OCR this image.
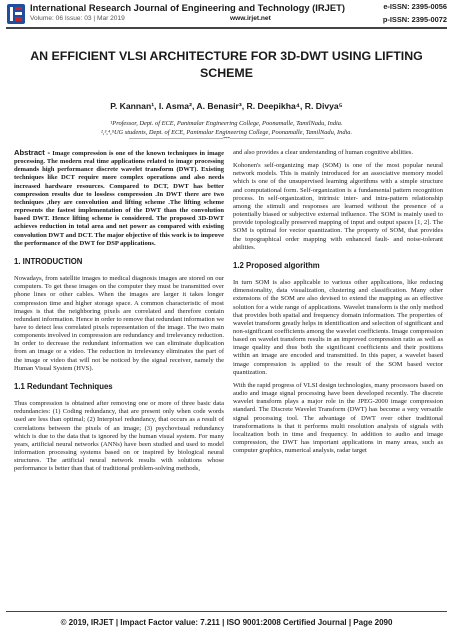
International Research Journal of Engineering and Technology (IRJET)	e-ISSN: 2395-0056
Volume: 06 Issue: 03 | Mar 2019	www.irjet.net	p-ISSN: 2395-0072
AN EFFICIENT VLSI ARCHITECTURE FOR 3D-DWT USING LIFTING SCHEME
P. Kannan¹, I. Asma², A. Benasir³, R. Deepikha⁴, R. Divya⁵
¹Professor, Dept. of ECE, Panimalar Engineering College, Poonamalle, TamilNadu, India.
²,³,⁴,⁵UG students, Dept. of ECE, Panimalar Engineering College, Poonamalle, TamilNadu, India.
---------------------------------------------------------------------***---------------------------------------------------------------------

Abstract - Image compression is one of the known techniques in image processing. The modern real time applications related to image processing demands high performance discrete wavelet transform (DWT). Existing techniques like DCT require more complex operations and also needs increased hardware resources. Compared to DCT, DWT has better compression results due to lossless compression .In DWT there are two techniques ,they are convolution and lifting scheme .The lifting scheme represents the fastest implementation of the DWT than the convolution based DWT. Hence lifting scheme is considered. The proposed 3D-DWT achieves reduction in total area and net power as compared with existing convolution DWT and DCT. The major objective of this work is to improve the performance of the DWT for DSP applications.

1. INTRODUCTION

Nowadays, from satellite images to medical diagnosis images are stored on our computers. To get these images on the computer they must be transmitted over phone lines or other cables. When the images are larger it takes longer compression time and higher storage space. A common characteristic of most images is that the neighboring pixels are correlated and therefore contain redundant information. Hence in order to remove that redundant information we have to detect less correlated pixels representation of the image. The two main components involved in compression are redundancy and irrelevancy reduction. In order to decrease the redundant information we can eliminate duplication from an image or a video. The reduction in irrelevancy eliminates the part of the image or video that will not be noticed by the signal receiver, namely the Human Visual System (HVS).

1.1 Redundant Techniques

Thus compression is obtained after removing one or more of three basic data redundancies: (1) Coding redundancy, that are present only when code words used are less than optimal; (2) Interpixel redundancy, that occurs as a result of correlations between the pixels of an image; (3) psychovisual redundancy which is due to the data that is ignored by the human visual system. For many years, artificial neural networks (ANNs) have been studied and used to model information processing systems based on or inspired by biological neural structures. The artificial neural network results with solutions whose performance is better than that of traditional problem-solving methods,

and also provides a clear understanding of human cognitive abilities.

Kohonen's self-organizing map (SOM) is one of the most popular neural network models. This is mainly introduced for an associative memory model which is one of the unsupervised learning algorithms with a simple structure and computational form. Self-organization is a fundamental pattern recognition process. In self-organization, intrinsic inter- and intra-pattern relationship among the stimuli and responses are learned without the presence of a potentially biased or subjective external influence. The SOM is mainly used to provide topologically preserved mapping of input and output spaces [1, 2]. The SOM is optimal for vector quantization. The property of SOM, that provides the topographical order mapping with enhanced fault- and noise-tolerant abilities.

1.2 Proposed algorithm

In turn SOM is also applicable to various other applications, like reducing dimensionality, data visualization, clustering and classification. Many other extensions of the SOM are also devised to extend the mapping as an effective solution for a wide range of applications. Wavelet transform is the only method that provides both spatial and frequency domain information. The properties of wavelet transform greatly helps in identification and selection of significant and non-significant coefficients among the wavelet coefficients. Image compression based on wavelet transform results in an improved compression ratio as well as image quality and thus both the significant coefficients and their positions within an image are encoded and transmitted. In this paper, a wavelet based image compression is applied to the result of the SOM based vector quantization.

With the rapid progress of VLSI design technologies, many processors based on audio and image signal processing have been developed recently. The discrete wavelet transform plays a major role in the JPEG-2000 image compression standard. The Discrete Wavelet Transform (DWT) has become a very versatile signal processing tool. The advantage of DWT over other traditional transformations is that it performs multi resolution analysis of signals with localization both in time and frequency. In addition to audio and image compression, the DWT has important applications in many areas, such as computer graphics, numerical analysis, radar target

© 2019, IRJET | Impact Factor value: 7.211 | ISO 9001:2008 Certified Journal | Page 2090
